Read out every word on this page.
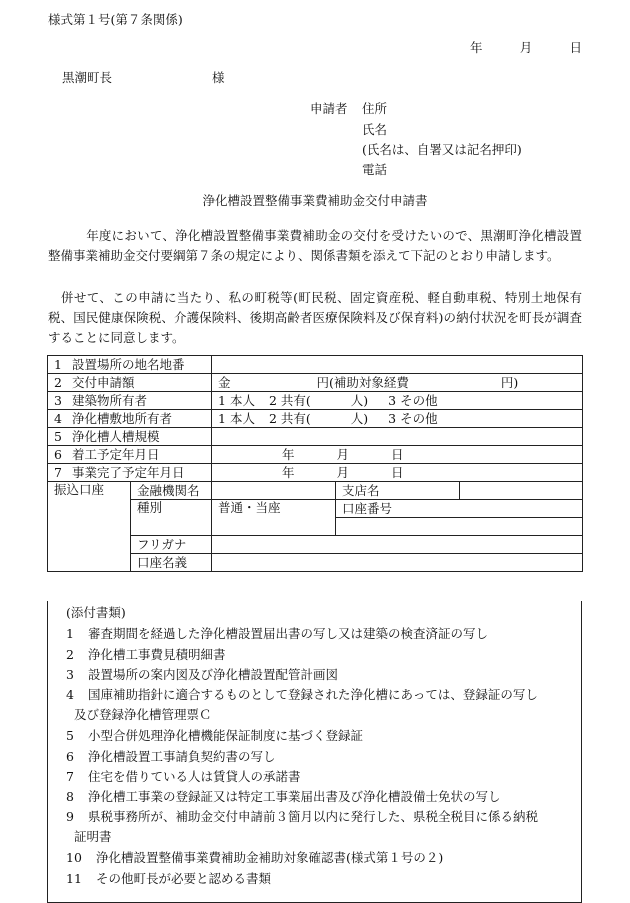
様式第１号(第７条関係)
年	月	日
黒潮町長	様
申請者 住所
氏名
(氏名は、自署又は記名押印)
電話
浄化槽設置整備事業費補助金交付申請書
　　　年度において、浄化槽設置整備事業費補助金の交付を受けたいので、黒潮町浄化槽設置整備事業補助金交付要綱第７条の規定により、関係書類を添えて下記のとおり申請します。
　併せて、この申請に当たり、私の町税等(町民税、固定資産税、軽自動車税、特別土地保有税、国民健康保険税、介護保険料、後期高齢者医療保険料及び保育料)の納付状況を町長が調査することに同意します。
1 設置場所の地名地番				
2 交付申請額		金 円(補助対象経費 円)		
3 建築物所有者		1 本人 2 共有( 人) 3 その他		
4 浄化槽敷地所有者		1 本人 2 共有( 人) 3 その他		
5 浄化槽人槽規模				
6 着工予定年月日		年 月 日		
7 事業完了予定年月日		年 月 日		
振込口座	金融機関名		支店名	
	種別	普通・当座	口座番号	

	フリガナ			
	口座名義			
(添付書類)
1 審査期間を経過した浄化槽設置届出書の写し又は建築の検査済証の写し
2 浄化槽工事費見積明細書
3 設置場所の案内図及び浄化槽設置配管計画図
4 国庫補助指針に適合するものとして登録された浄化槽にあっては、登録証の写し
及び登録浄化槽管理票Ｃ
5 小型合併処理浄化槽機能保証制度に基づく登録証
6 浄化槽設置工事請負契約書の写し
7 住宅を借りている人は賃貸人の承諾書
8 浄化槽工事業の登録証又は特定工事業届出書及び浄化槽設備士免状の写し
9 県税事務所が、補助金交付申請前３箇月以内に発行した、県税全税目に係る納税
証明書
10 浄化槽設置整備事業費補助金補助対象確認書(様式第１号の２)
11 その他町長が必要と認める書類
